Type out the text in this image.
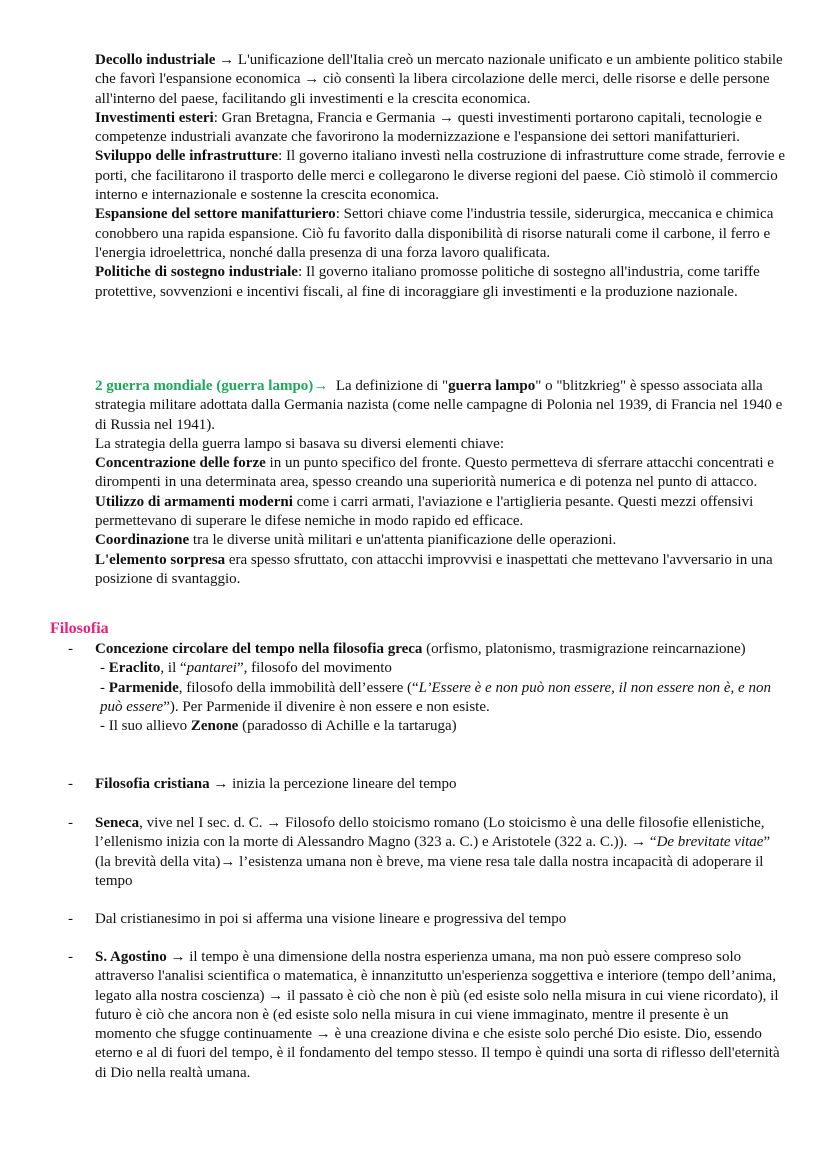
Decollo industriale → L'unificazione dell'Italia creò un mercato nazionale unificato e un ambiente politico stabile che favorì l'espansione economica → ciò consentì la libera circolazione delle merci, delle risorse e delle persone all'interno del paese, facilitando gli investimenti e la crescita economica.

Investimenti esteri: Gran Bretagna, Francia e Germania → questi investimenti portarono capitali, tecnologie e competenze industriali avanzate che favorirono la modernizzazione e l'espansione dei settori manifatturieri.

Sviluppo delle infrastrutture: Il governo italiano investì nella costruzione di infrastrutture come strade, ferrovie e porti, che facilitarono il trasporto delle merci e collegarono le diverse regioni del paese. Ciò stimolò il commercio interno e internazionale e sostenne la crescita economica.

Espansione del settore manifatturiero: Settori chiave come l'industria tessile, siderurgica, meccanica e chimica conobbero una rapida espansione. Ciò fu favorito dalla disponibilità di risorse naturali come il carbone, il ferro e l'energia idroelettrica, nonché dalla presenza di una forza lavoro qualificata.

Politiche di sostegno industriale: Il governo italiano promosse politiche di sostegno all'industria, come tariffe protettive, sovvenzioni e incentivi fiscali, al fine di incoraggiare gli investimenti e la produzione nazionale.

2 guerra mondiale (guerra lampo)→  La definizione di "guerra lampo" o "blitzkrieg" è spesso associata alla strategia militare adottata dalla Germania nazista (come nelle campagne di Polonia nel 1939, di Francia nel 1940 e di Russia nel 1941).

La strategia della guerra lampo si basava su diversi elementi chiave:

Concentrazione delle forze in un punto specifico del fronte. Questo permetteva di sferrare attacchi concentrati e dirompenti in una determinata area, spesso creando una superiorità numerica e di potenza nel punto di attacco.

Utilizzo di armamenti moderni come i carri armati, l'aviazione e l'artiglieria pesante. Questi mezzi offensivi permettevano di superare le difese nemiche in modo rapido ed efficace.

Coordinazione tra le diverse unità militari e un'attenta pianificazione delle operazioni.

L'elemento sorpresa era spesso sfruttato, con attacchi improvvisi e inaspettati che mettevano l'avversario in una posizione di svantaggio.

Filosofia
- Concezione circolare del tempo nella filosofia greca (orfismo, platonismo, trasmigrazione reincarnazione)

- Eraclito, il “pantarei”, filosofo del movimento

- Parmenide, filosofo della immobilità dell’essere (“L’Essere è e non può non essere, il non essere non è, e non può essere”). Per Parmenide il divenire è non essere e non esiste.

- Il suo allievo Zenone (paradosso di Achille e la tartaruga)

- Filosofia cristiana → inizia la percezione lineare del tempo
- Seneca, vive nel I sec. d. C. → Filosofo dello stoicismo romano (Lo stoicismo è una delle filosofie ellenistiche, l’ellenismo inizia con la morte di Alessandro Magno (323 a. C.) e Aristotele (322 a. C.)). → “De brevitate vitae” (la brevità della vita)→ l’esistenza umana non è breve, ma viene resa tale dalla nostra incapacità di adoperare il tempo
- Dal cristianesimo in poi si afferma una visione lineare e progressiva del tempo
- S. Agostino → il tempo è una dimensione della nostra esperienza umana, ma non può essere compreso solo attraverso l'analisi scientifica o matematica, è innanzitutto un'esperienza soggettiva e interiore (tempo dell’anima, legato alla nostra coscienza) → il passato è ciò che non è più (ed esiste solo nella misura in cui viene ricordato), il futuro è ciò che ancora non è (ed esiste solo nella misura in cui viene immaginato, mentre il presente è un momento che sfugge continuamente → è una creazione divina e che esiste solo perché Dio esiste. Dio, essendo eterno e al di fuori del tempo, è il fondamento del tempo stesso. Il tempo è quindi una sorta di riflesso dell'eternità di Dio nella realtà umana.
